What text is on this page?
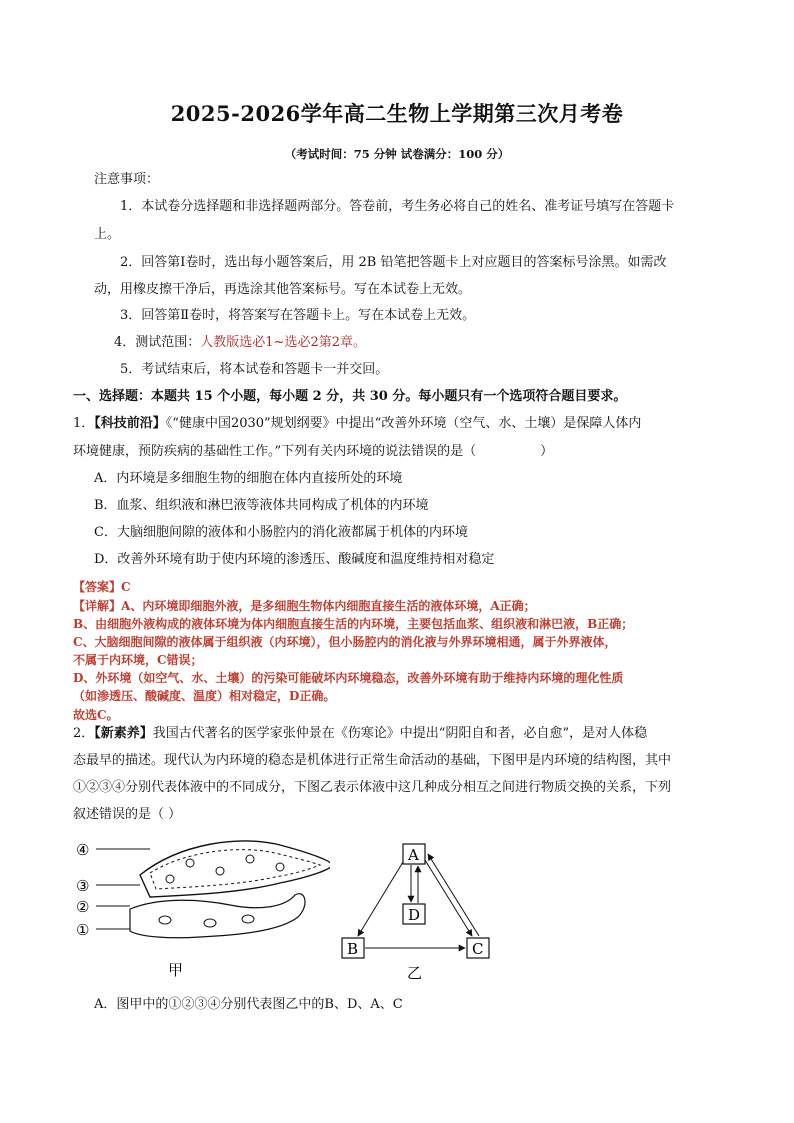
2025-2026学年高二生物上学期第三次月考卷
（考试时间：75 分钟 试卷满分：100 分）
注意事项：
1．本试卷分选择题和非选择题两部分。答卷前，考生务必将自己的姓名、准考证号填写在答题卡
上。
2．回答第Ⅰ卷时，选出每小题答案后，用 2B 铅笔把答题卡上对应题目的答案标号涂黑。如需改
动，用橡皮擦干净后，再选涂其他答案标号。写在本试卷上无效。
3．回答第Ⅱ卷时，将答案写在答题卡上。写在本试卷上无效。
4．测试范围：人教版选必1~选必2第2章。
5．考试结束后，将本试卷和答题卡一并交回。
一、选择题：本题共 15 个小题，每小题 2 分，共 30 分。每小题只有一个选项符合题目要求。
1．【科技前沿】《“健康中国2030”规划纲要》中提出“改善外环境（空气、水、土壤）是保障人体内
环境健康，预防疾病的基础性工作。”下列有关内环境的说法错误的是（	）
A．内环境是多细胞生物的细胞在体内直接所处的环境
B．血浆、组织液和淋巴液等液体共同构成了机体的内环境
C．大脑细胞间隙的液体和小肠腔内的消化液都属于机体的内环境
D．改善外环境有助于使内环境的渗透压、酸碱度和温度维持相对稳定
【答案】C
【详解】A、内环境即细胞外液，是多细胞生物体内细胞直接生活的液体环境，A正确；
B、由细胞外液构成的液体环境为体内细胞直接生活的内环境，主要包括血浆、组织液和淋巴液，B正确；
C、大脑细胞间隙的液体属于组织液（内环境），但小肠腔内的消化液与外界环境相通，属于外界液体，
不属于内环境，C错误；
D、外环境（如空气、水、土壤）的污染可能破坏内环境稳态，改善外环境有助于维持内环境的理化性质
（如渗透压、酸碱度、温度）相对稳定，D正确。
故选C。
2．【新素养】我国古代著名的医学家张仲景在《伤寒论》中提出“阴阳自和者，必自愈”，是对人体稳
态最早的描述。现代认为内环境的稳态是机体进行正常生命活动的基础，下图甲是内环境的结构图，其中
①②③④分别代表体液中的不同成分，下图乙表示体液中这几种成分相互之间进行物质交换的关系，下列
叙述错误的是（ ）
④
③
②
①
甲
A
D
B	C
乙
A．图甲中的①②③④分别代表图乙中的B、D、A、C
